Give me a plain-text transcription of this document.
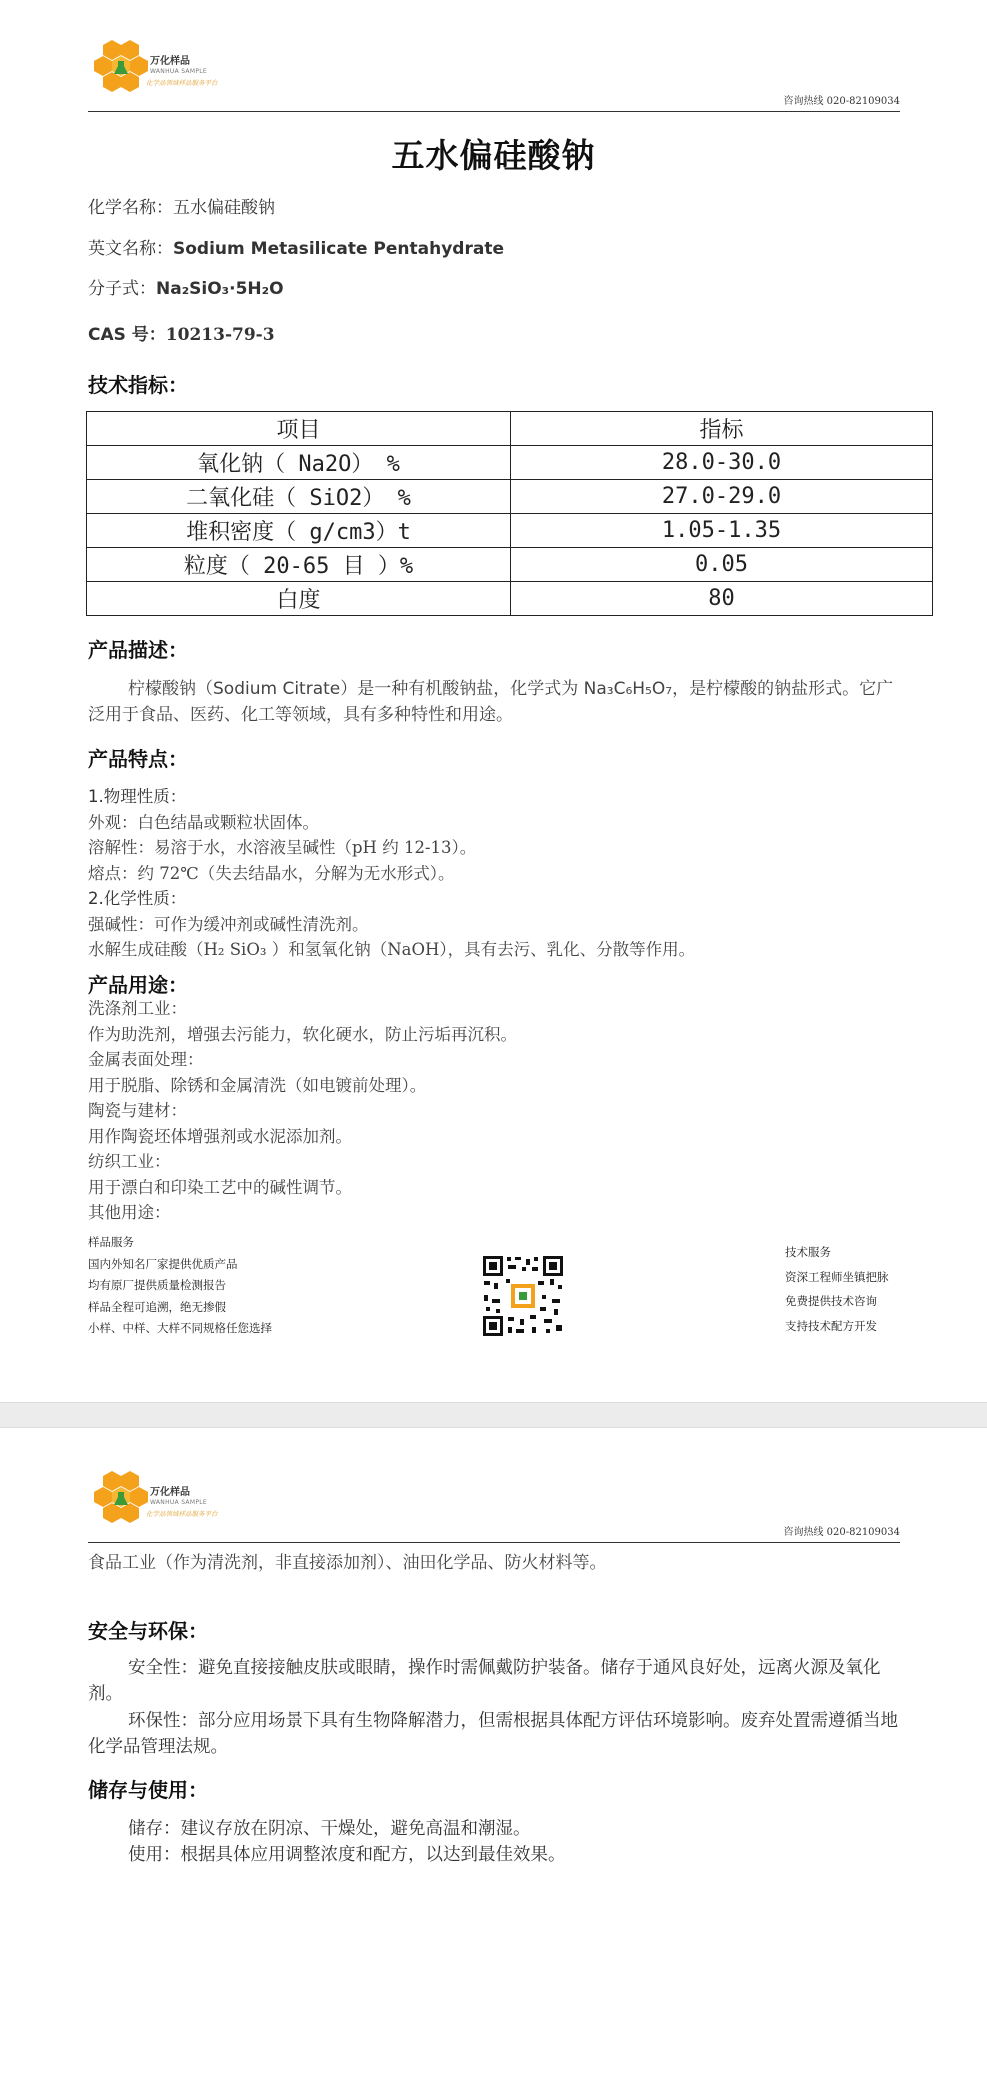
万化样品
WANHUA SAMPLE
化学品领域样品服务平台
咨询热线 020-82109034
五水偏硅酸钠
化学名称：五水偏硅酸钠
英文名称：Sodium Metasilicate Pentahydrate
分子式：Na₂SiO₃·5H₂O
CAS 号：10213-79-3
技术指标：
项目	指标
氧化钠（ Na2O） %	28.0-30.0
二氧化硅（ SiO2） %	27.0-29.0
堆积密度（ g/cm3）t	1.05-1.35
粒度（ 20-65 目 ）%	0.05
白度	80
产品描述：
柠檬酸钠（Sodium Citrate）是一种有机酸钠盐，化学式为 Na₃C₆H₅O₇，是柠檬酸的钠盐形式。它广泛用于食品、医药、化工等领域，具有多种特性和用途。
产品特点：
1.物理性质：
外观：白色结晶或颗粒状固体。
溶解性：易溶于水，水溶液呈碱性（pH 约 12-13）。
熔点：约 72℃（失去结晶水，分解为无水形式）。
2.化学性质：
强碱性：可作为缓冲剂或碱性清洗剂。
水解生成硅酸（H₂ SiO₃ ）和氢氧化钠（NaOH），具有去污、乳化、分散等作用。
产品用途：
洗涤剂工业：
作为助洗剂，增强去污能力，软化硬水，防止污垢再沉积。
金属表面处理：
用于脱脂、除锈和金属清洗（如电镀前处理）。
陶瓷与建材：
用作陶瓷坯体增强剂或水泥添加剂。
纺织工业：
用于漂白和印染工艺中的碱性调节。
其他用途：
样品服务
国内外知名厂家提供优质产品
均有原厂提供质量检测报告
样品全程可追溯，绝无掺假
小样、中样、大样不同规格任您选择
技术服务
资深工程师坐镇把脉
免费提供技术咨询
支持技术配方开发
万化样品
WANHUA SAMPLE
化学品领域样品服务平台
咨询热线 020-82109034
食品工业（作为清洗剂，非直接添加剂）、油田化学品、防火材料等。
安全与环保：
安全性：避免直接接触皮肤或眼睛，操作时需佩戴防护装备。储存于通风良好处，远离火源及氧化剂。
环保性：部分应用场景下具有生物降解潜力，但需根据具体配方评估环境影响。废弃处置需遵循当地化学品管理法规。
储存与使用：
储存：建议存放在阴凉、干燥处，避免高温和潮湿。
使用：根据具体应用调整浓度和配方，以达到最佳效果。
